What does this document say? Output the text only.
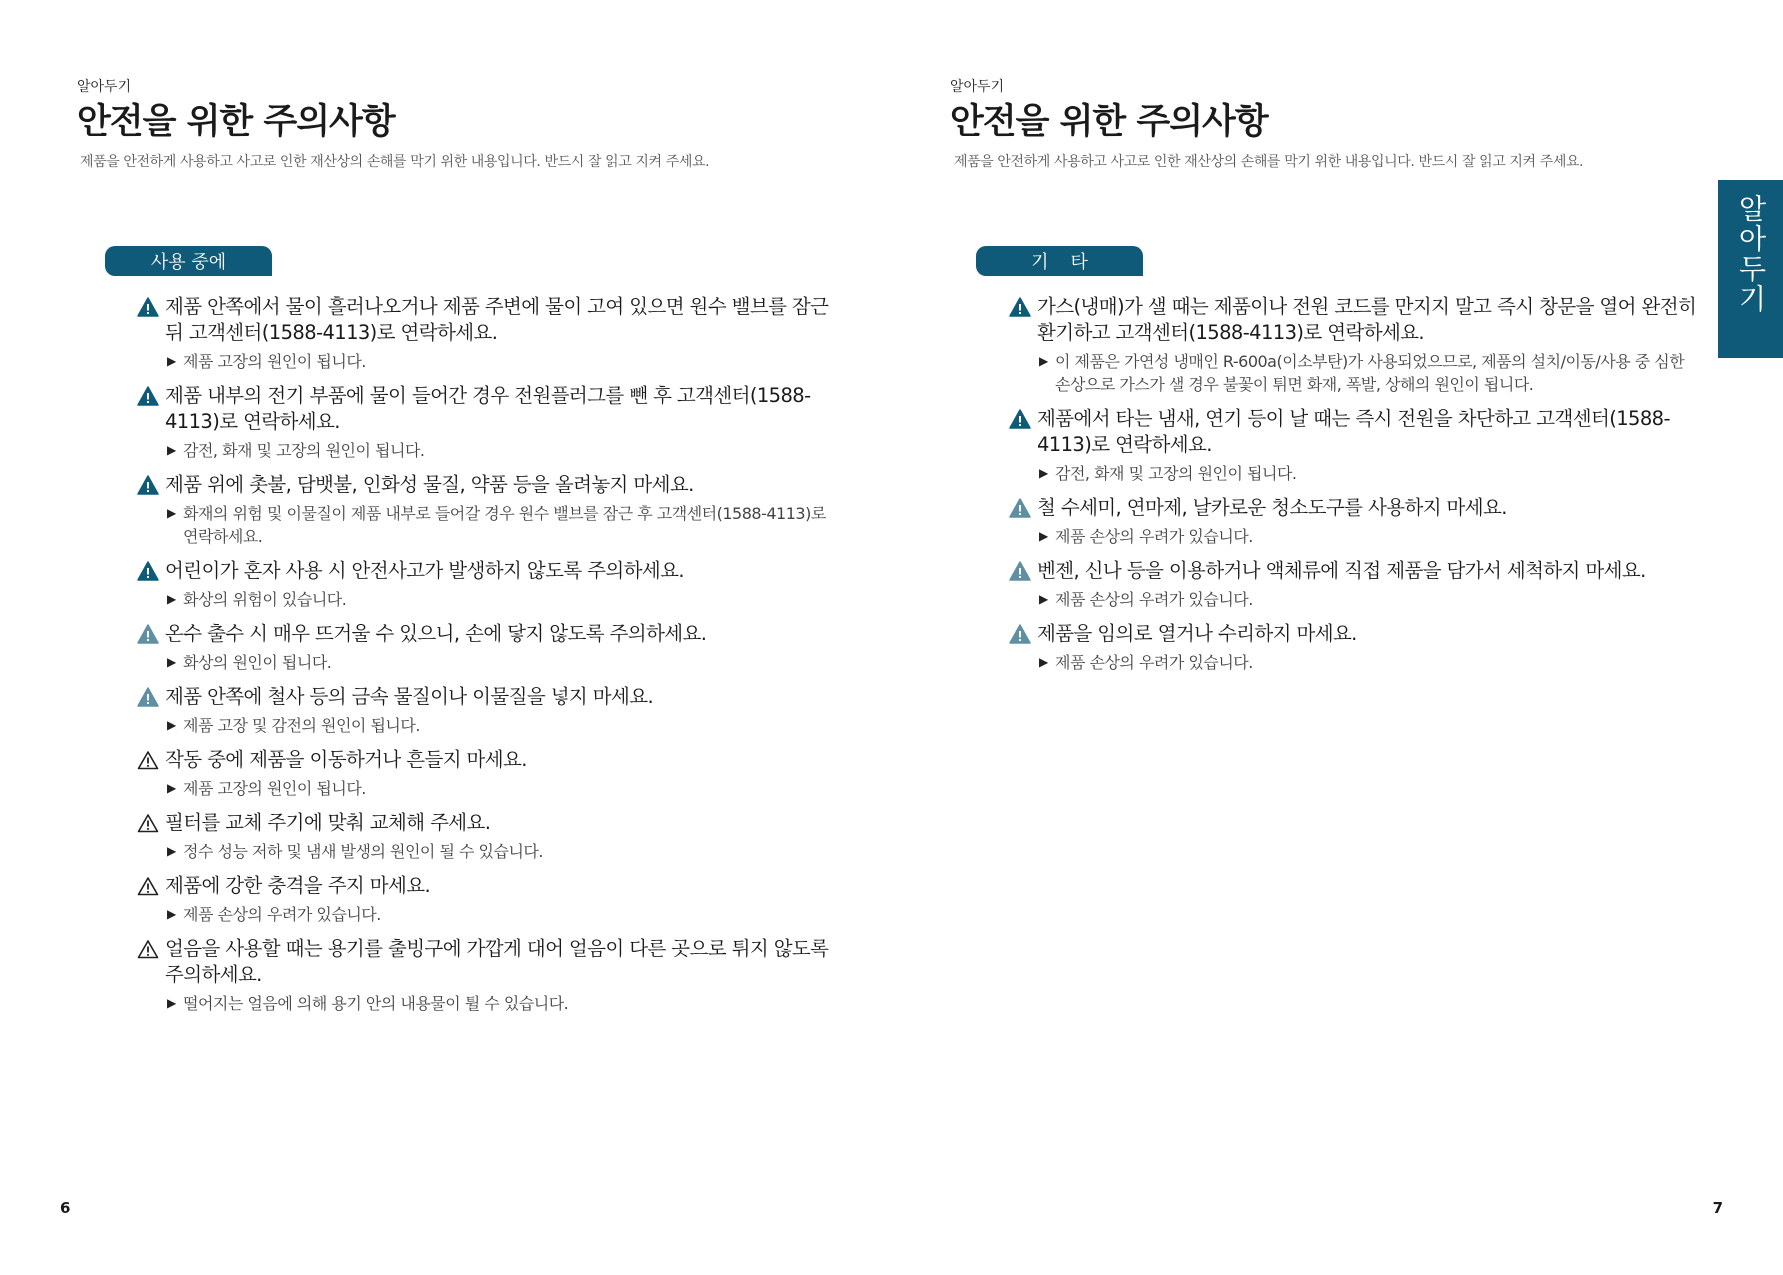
알아두기
안전을 위한 주의사항
제품을 안전하게 사용하고 사고로 인한 재산상의 손해를 막기 위한 내용입니다. 반드시 잘 읽고 지켜 주세요.
사용 중에
제품 안쪽에서 물이 흘러나오거나 제품 주변에 물이 고여 있으면 원수 밸브를 잠근 뒤 고객센터(1588-4113)로 연락하세요.
▶ 제품 고장의 원인이 됩니다.
제품 내부의 전기 부품에 물이 들어간 경우 전원플러그를 뺀 후 고객센터(1588-4113)로 연락하세요.
▶ 감전, 화재 및 고장의 원인이 됩니다.
제품 위에 촛불, 담뱃불, 인화성 물질, 약품 등을 올려놓지 마세요.
▶ 화재의 위험 및 이물질이 제품 내부로 들어갈 경우 원수 밸브를 잠근 후 고객센터(1588-4113)로 연락하세요.
어린이가 혼자 사용 시 안전사고가 발생하지 않도록 주의하세요.
▶ 화상의 위험이 있습니다.
온수 출수 시 매우 뜨거울 수 있으니, 손에 닿지 않도록 주의하세요.
▶ 화상의 원인이 됩니다.
제품 안쪽에 철사 등의 금속 물질이나 이물질을 넣지 마세요.
▶ 제품 고장 및 감전의 원인이 됩니다.
작동 중에 제품을 이동하거나 흔들지 마세요.
▶ 제품 고장의 원인이 됩니다.
필터를 교체 주기에 맞춰 교체해 주세요.
▶ 정수 성능 저하 및 냄새 발생의 원인이 될 수 있습니다.
제품에 강한 충격을 주지 마세요.
▶ 제품 손상의 우려가 있습니다.
얼음을 사용할 때는 용기를 출빙구에 가깝게 대어 얼음이 다른 곳으로 튀지 않도록 주의하세요.
▶ 떨어지는 얼음에 의해 용기 안의 내용물이 튈 수 있습니다.
6
알아두기
안전을 위한 주의사항
제품을 안전하게 사용하고 사고로 인한 재산상의 손해를 막기 위한 내용입니다. 반드시 잘 읽고 지켜 주세요.
기타
가스(냉매)가 샐 때는 제품이나 전원 코드를 만지지 말고 즉시 창문을 열어 완전히 환기하고 고객센터(1588-4113)로 연락하세요.
▶ 이 제품은 가연성 냉매인 R-600a(이소부탄)가 사용되었으므로, 제품의 설치/이동/사용 중 심한 손상으로 가스가 샐 경우 불꽃이 튀면 화재, 폭발, 상해의 원인이 됩니다.
제품에서 타는 냄새, 연기 등이 날 때는 즉시 전원을 차단하고 고객센터(1588-4113)로 연락하세요.
▶ 감전, 화재 및 고장의 원인이 됩니다.
철 수세미, 연마제, 날카로운 청소도구를 사용하지 마세요.
▶ 제품 손상의 우려가 있습니다.
벤젠, 신나 등을 이용하거나 액체류에 직접 제품을 담가서 세척하지 마세요.
▶ 제품 손상의 우려가 있습니다.
제품을 임의로 열거나 수리하지 마세요.
▶ 제품 손상의 우려가 있습니다.
알아두기
7
